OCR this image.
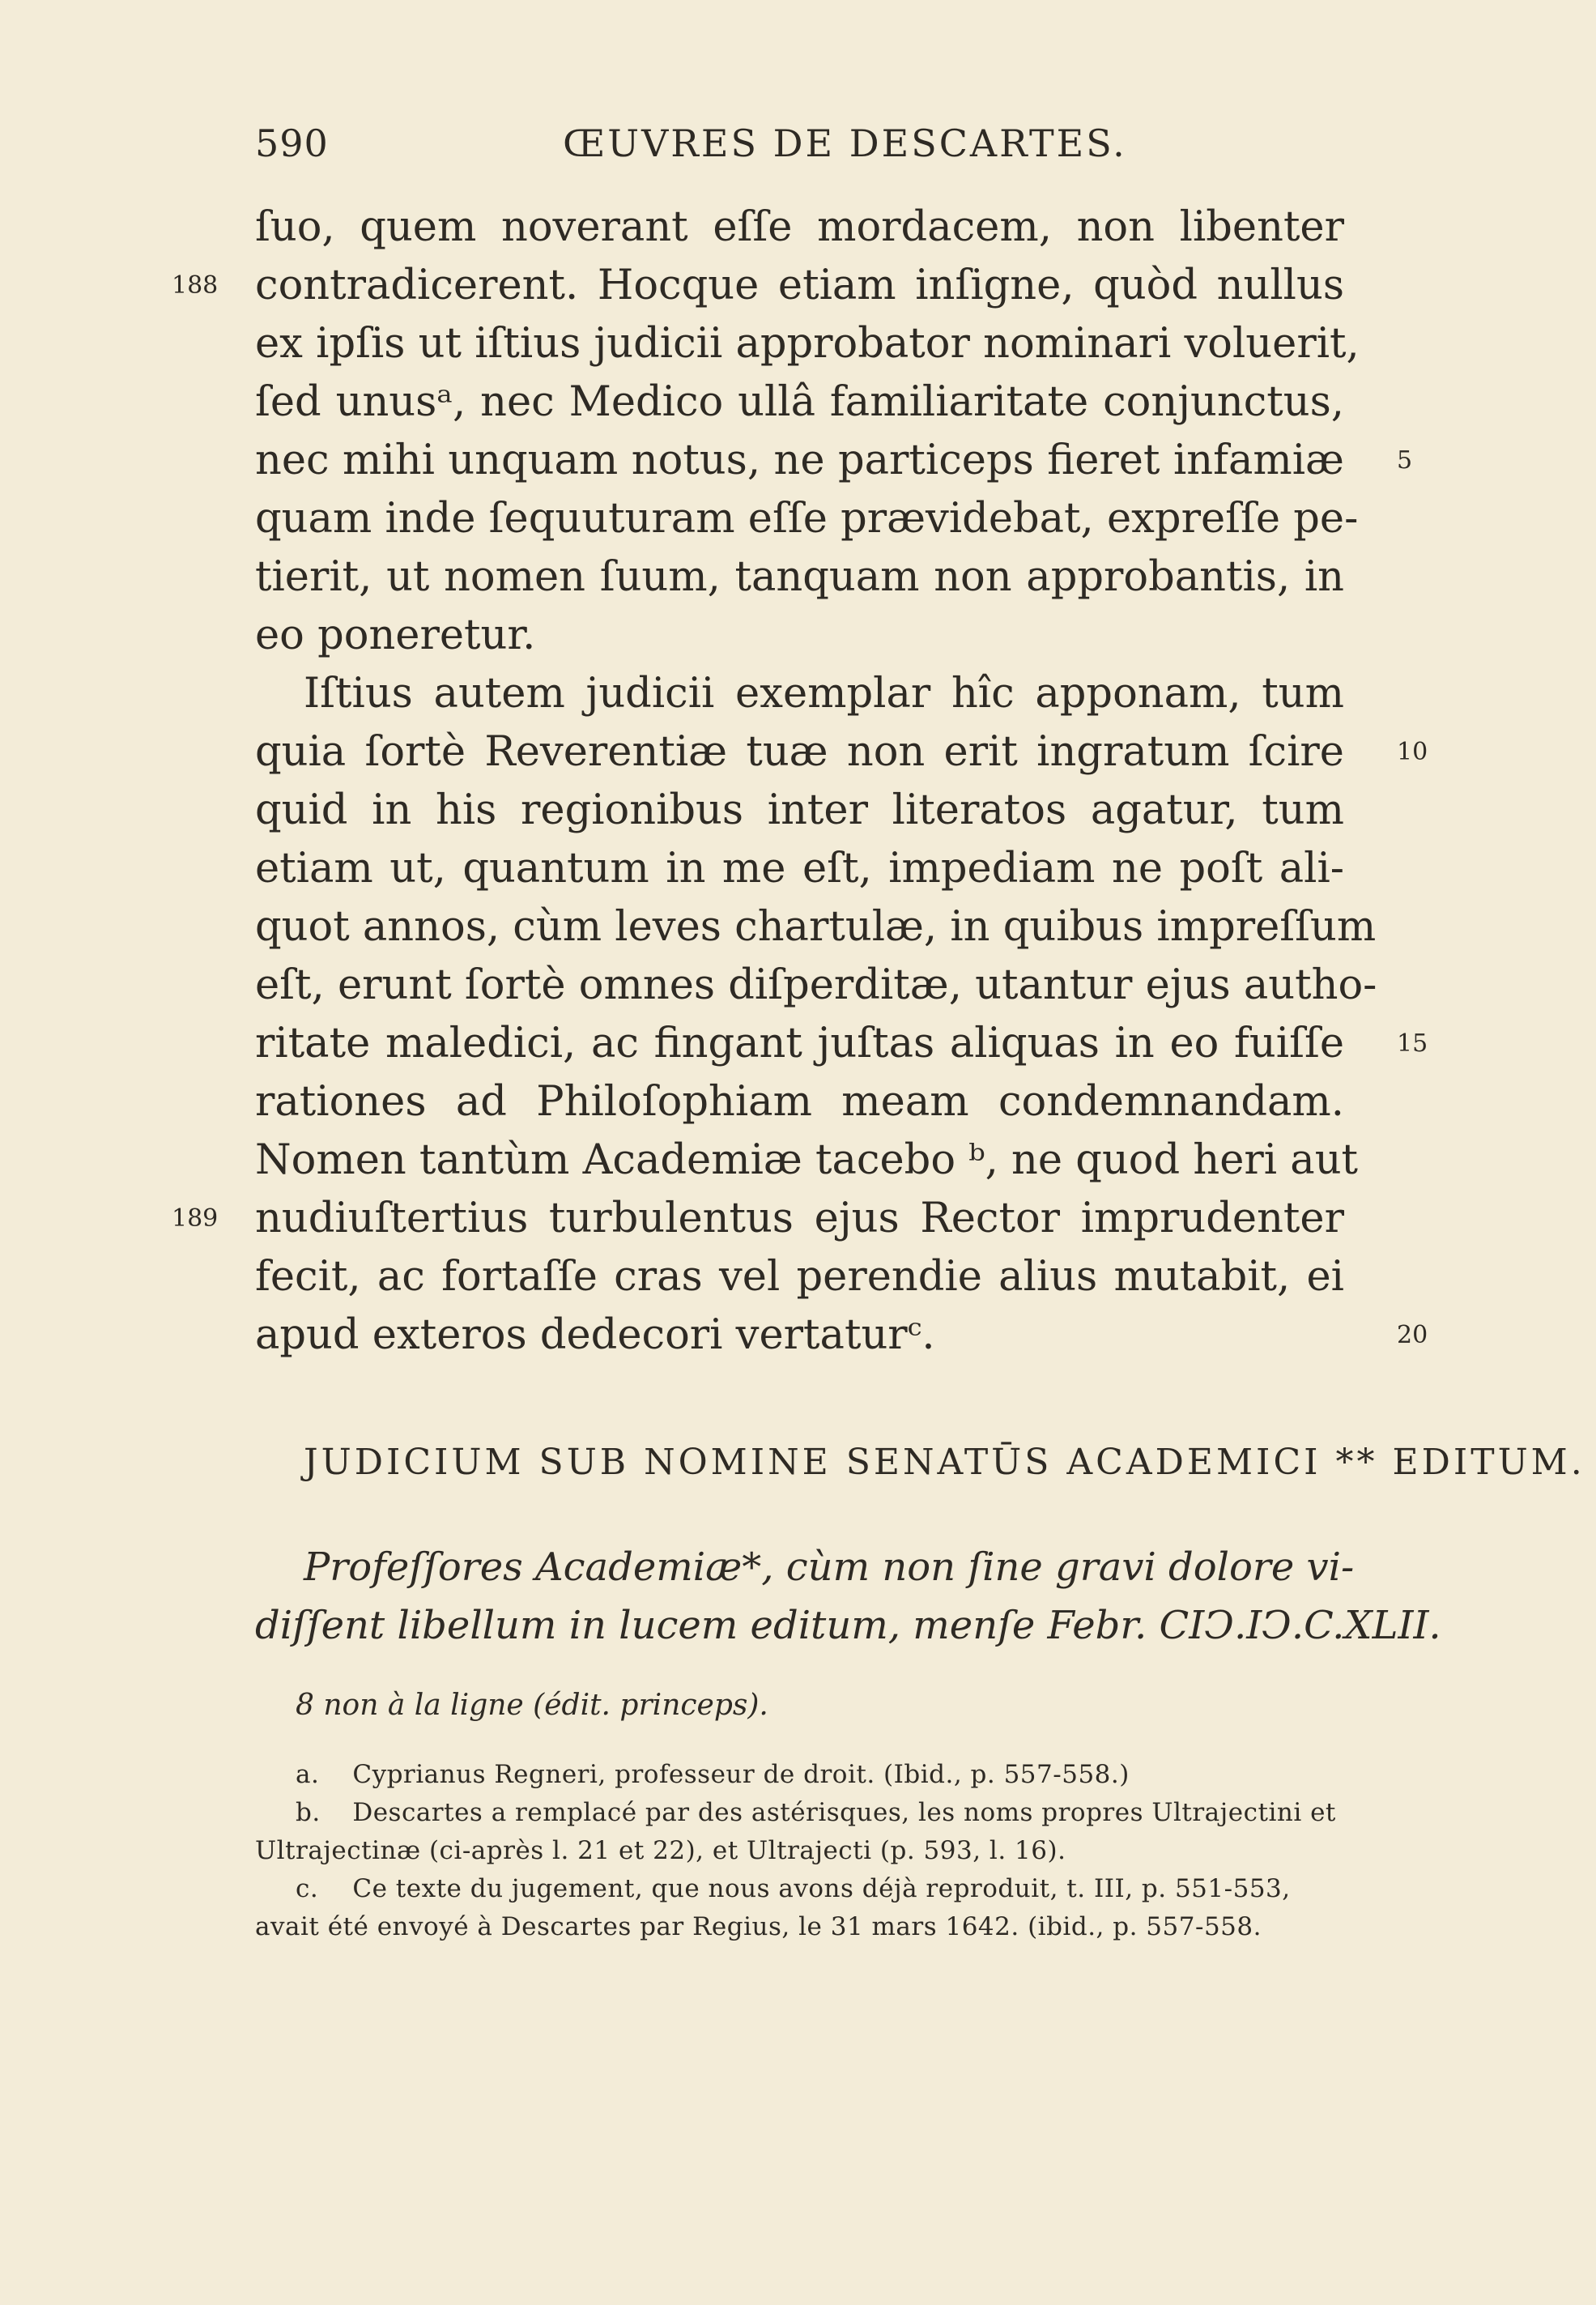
590	ŒUVRES DE DESCARTES.
ſuo, quem noverant eſſe mordacem, non libenter
contradicerent. Hocque etiam inſigne, quòd nullus
ex ipſis ut iſtius judicii approbator nominari voluerit,
ſed unusᵃ, nec Medico ullâ familiaritate conjunctus,
nec mihi unquam notus, ne particeps fieret infamiæ
quam inde ſequuturam eſſe prævidebat, expreſſe pe-
tierit, ut nomen ſuum, tanquam non approbantis, in
eo poneretur.
Iſtius autem judicii exemplar hîc apponam, tum
quia ſortè Reverentiæ tuæ non erit ingratum ſcire
quid in his regionibus inter literatos agatur, tum
etiam ut, quantum in me eſt, impediam ne poſt ali-
quot annos, cùm leves chartulæ, in quibus impreſſum
eſt, erunt ſortè omnes diſperditæ, utantur ejus autho-
ritate maledici, ac fingant juſtas aliquas in eo fuiſſe
rationes ad Philoſophiam meam condemnandam.
Nomen tantùm Academiæ tacebo ᵇ, ne quod heri aut
nudiuſtertius turbulentus ejus Rector imprudenter
fecit, ac fortaſſe cras vel perendie alius mutabit, ei
apud exteros dedecori vertaturᶜ.
188
189
5
10
15
20
JUDICIUM SUB NOMINE SENATŪS ACADEMICI ** EDITUM.
Profeſſores Academiæ*, cùm non ſine gravi dolore vi-
diſſent libellum in lucem editum, menſe Febr. CIↃ.IↃ.C.XLII.
8 non à la ligne (édit. princeps).
a. Cyprianus Regneri, professeur de droit. (Ibid., p. 557-558.)
b. Descartes a remplacé par des astérisques, les noms propres Ultrajectini et Ultrajectinæ (ci-après l. 21 et 22), et Ultrajecti (p. 593, l. 16).
c. Ce texte du jugement, que nous avons déjà reproduit, t. III, p. 551-553, avait été envoyé à Descartes par Regius, le 31 mars 1642. (ibid., p. 557-558.
